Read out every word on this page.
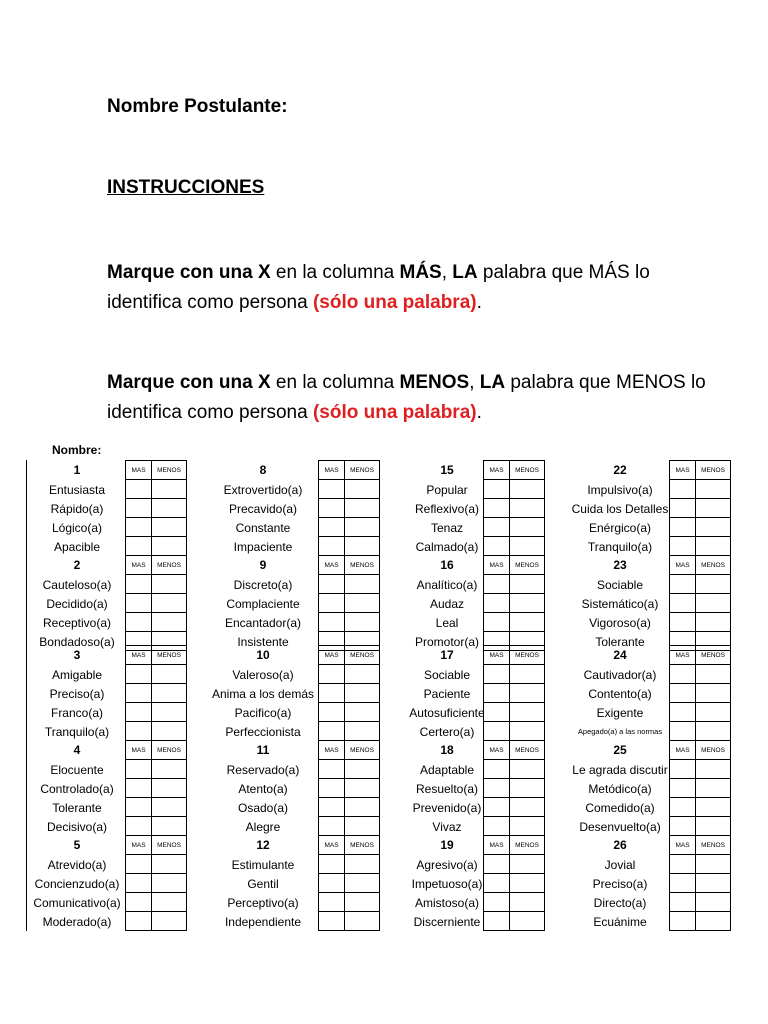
Nombre Postulante:
INSTRUCCIONES
Marque con una X en la columna MÁS, LA palabra que MÁS lo identifica como persona (sólo una palabra).
Marque con una X en la columna MENOS, LA palabra que MENOS lo identifica como persona (sólo una palabra).
Nombre:
1	MAS	MENOS
Entusiasta
Rápido(a)
Lógico(a)
Apacible
2	MAS	MENOS
Cauteloso(a)
Decidido(a)
Receptivo(a)
Bondadoso(a)
3	MAS	MENOS
Amigable
Preciso(a)
Franco(a)
Tranquilo(a)
4	MAS	MENOS
Elocuente
Controlado(a)
Tolerante
Decisivo(a)
5	MAS	MENOS
Atrevido(a)
Concienzudo(a)
Comunicativo(a)
Moderado(a)
8	MAS	MENOS
Extrovertido(a)
Precavido(a)
Constante
Impaciente
9	MAS	MENOS
Discreto(a)
Complaciente
Encantador(a)
Insistente
10	MAS	MENOS
Valeroso(a)
Anima a los demás
Pacifico(a)
Perfeccionista
11	MAS	MENOS
Reservado(a)
Atento(a)
Osado(a)
Alegre
12	MAS	MENOS
Estimulante
Gentil
Perceptivo(a)
Independiente
15	MAS	MENOS
Popular
Reflexivo(a)
Tenaz
Calmado(a)
16	MAS	MENOS
Analítico(a)
Audaz
Leal
Promotor(a)
17	MAS	MENOS
Sociable
Paciente
Autosuficiente
Certero(a)
18	MAS	MENOS
Adaptable
Resuelto(a)
Prevenido(a)
Vivaz
19	MAS	MENOS
Agresivo(a)
Impetuoso(a)
Amistoso(a)
Discerniente
22	MAS	MENOS
Impulsivo(a)
Cuida los Detalles
Enérgico(a)
Tranquilo(a)
23	MAS	MENOS
Sociable
Sistemático(a)
Vigoroso(a)
Tolerante
24	MAS	MENOS
Cautivador(a)
Contento(a)
Exigente
Apegado(a) a las normas
25	MAS	MENOS
Le agrada discutir
Metódico(a)
Comedido(a)
Desenvuelto(a)
26	MAS	MENOS
Jovial
Preciso(a)
Directo(a)
Ecuánime
